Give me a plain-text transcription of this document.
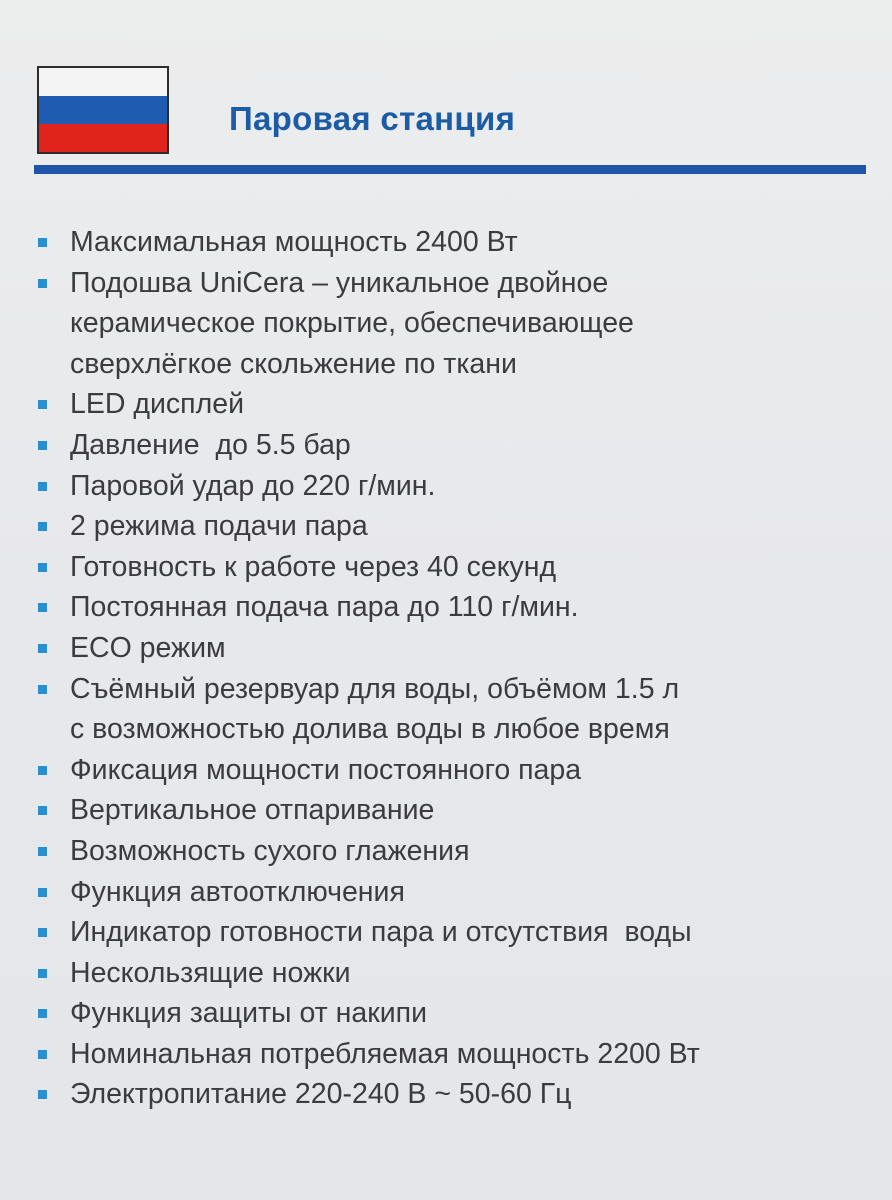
Паровая станция
Максимальная мощность 2400 Вт
Подошва UniCera – уникальное двойное
керамическое покрытие, обеспечивающее
сверхлёгкое скольжение по ткани
LED дисплей
Давление  до 5.5 бар
Паровой удар до 220 г/мин.
2 режима подачи пара
Готовность к работе через 40 секунд
Постоянная подача пара до 110 г/мин.
ECO режим
Съёмный резервуар для воды, объёмом 1.5 л
с возможностью долива воды в любое время
Фиксация мощности постоянного пара
Вертикальное отпаривание
Возможность сухого глажения
Функция автоотключения
Индикатор готовности пара и отсутствия  воды
Нескользящие ножки
Функция защиты от накипи
Номинальная потребляемая мощность 2200 Вт
Электропитание 220-240 В ~ 50-60 Гц
